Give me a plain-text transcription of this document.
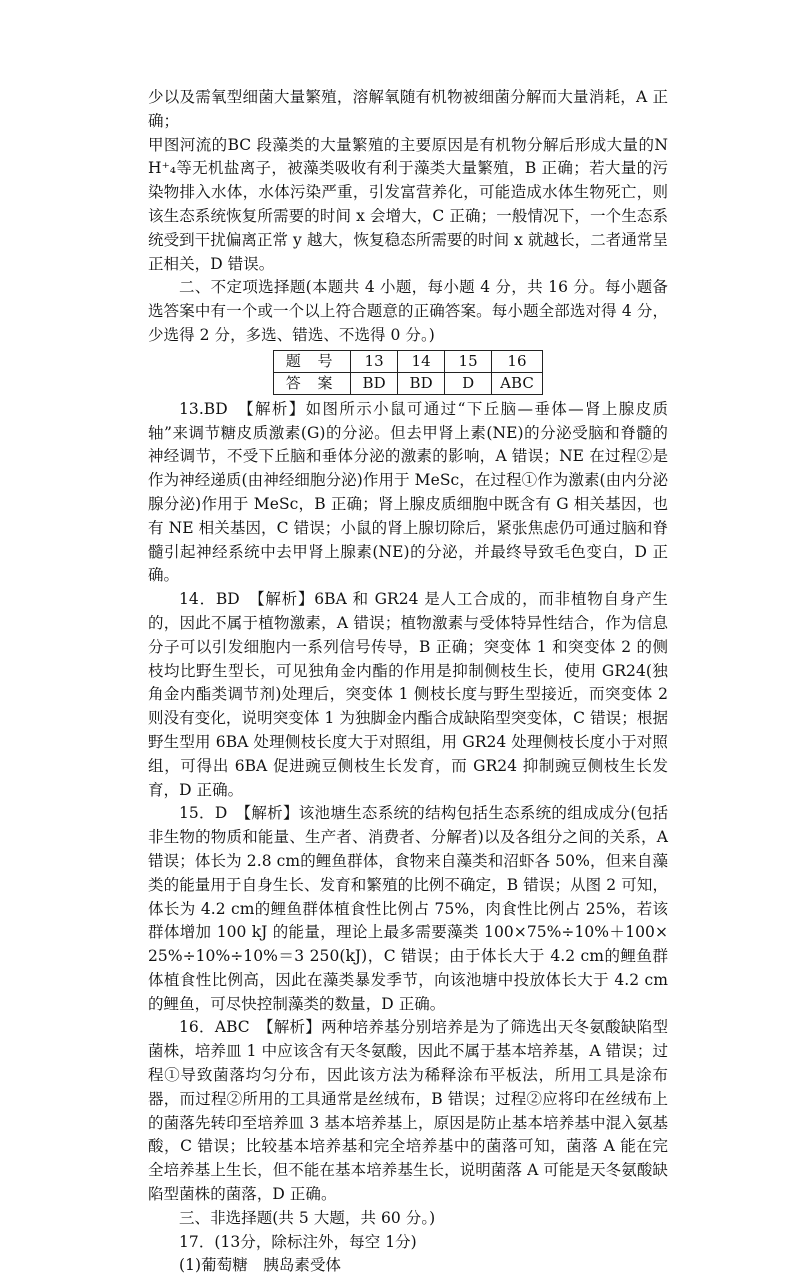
少以及需氧型细菌大量繁殖，溶解氧随有机物被细菌分解而大量消耗，A 正确；

甲图河流的BC 段藻类的大量繁殖的主要原因是有机物分解后形成大量的NH⁺₄等无机盐离子，被藻类吸收有利于藻类大量繁殖，B 正确；若大量的污染物排入水体，水体污染严重，引发富营养化，可能造成水体生物死亡，则该生态系统恢复所需要的时间 x 会增大，C 正确；一般情况下，一个生态系统受到干扰偏离正常 y 越大，恢复稳态所需要的时间 x 就越长，二者通常呈正相关，D 错误。

二、不定项选择题(本题共 4 小题，每小题 4 分，共 16 分。每小题备选答案中有一个或一个以上符合题意的正确答案。每小题全部选对得 4 分，少选得 2 分，多选、错选、不选得 0 分。)

题 号	13	14	15	16
答 案	BD	BD	D	ABC

13.BD　【解析】如图所示小鼠可通过“下丘脑—垂体—肾上腺皮质轴”来调节糖皮质激素(G)的分泌。但去甲肾上素(NE)的分泌受脑和脊髓的神经调节，不受下丘脑和垂体分泌的激素的影响，A 错误；NE 在过程②是作为神经递质(由神经细胞分泌)作用于 MeSc，在过程①作为激素(由内分泌腺分泌)作用于 MeSc，B 正确；肾上腺皮质细胞中既含有 G 相关基因，也有 NE 相关基因，C 错误；小鼠的肾上腺切除后，紧张焦虑仍可通过脑和脊髓引起神经系统中去甲肾上腺素(NE)的分泌，并最终导致毛色变白，D 正确。

14．BD　【解析】6BA 和 GR24 是人工合成的，而非植物自身产生的，因此不属于植物激素，A 错误；植物激素与受体特异性结合，作为信息分子可以引发细胞内一系列信号传导，B 正确；突变体 1 和突变体 2 的侧枝均比野生型长，可见独角金内酯的作用是抑制侧枝生长，使用 GR24(独角金内酯类调节剂)处理后，突变体 1 侧枝长度与野生型接近，而突变体 2 则没有变化，说明突变体 1 为独脚金内酯合成缺陷型突变体，C 错误；根据野生型用 6BA 处理侧枝长度大于对照组，用 GR24 处理侧枝长度小于对照组，可得出 6BA 促进豌豆侧枝生长发育，而 GR24 抑制豌豆侧枝生长发育，D 正确。

15．D　【解析】该池塘生态系统的结构包括生态系统的组成成分(包括非生物的物质和能量、生产者、消费者、分解者)以及各组分之间的关系，A 错误；体长为 2.8 cm的鲤鱼群体，食物来自藻类和沼虾各 50%，但来自藻类的能量用于自身生长、发育和繁殖的比例不确定，B 错误；从图 2 可知，体长为 4.2 cm的鲤鱼群体植食性比例占 75%，肉食性比例占 25%，若该群体增加 100 kJ 的能量，理论上最多需要藻类 100×75%÷10%＋100×25%÷10%÷10%＝3 250(kJ)，C 错误；由于体长大于 4.2 cm的鲤鱼群体植食性比例高，因此在藻类暴发季节，向该池塘中投放体长大于 4.2 cm的鲤鱼，可尽快控制藻类的数量，D 正确。

16．ABC　【解析】两种培养基分别培养是为了筛选出天冬氨酸缺陷型菌株，培养皿 1 中应该含有天冬氨酸，因此不属于基本培养基，A 错误；过程①导致菌落均匀分布，因此该方法为稀释涂布平板法，所用工具是涂布器，而过程②所用的工具通常是丝绒布，B 错误；过程②应将印在丝绒布上的菌落先转印至培养皿 3 基本培养基上，原因是防止基本培养基中混入氨基酸，C 错误；比较基本培养基和完全培养基中的菌落可知，菌落 A 能在完全培养基上生长，但不能在基本培养基生长，说明菌落 A 可能是天冬氨酸缺陷型菌株的菌落，D 正确。

三、非选择题(共 5 大题，共 60 分。)

17．(13分，除标注外，每空 1分)

(1)葡萄糖　胰岛素受体
